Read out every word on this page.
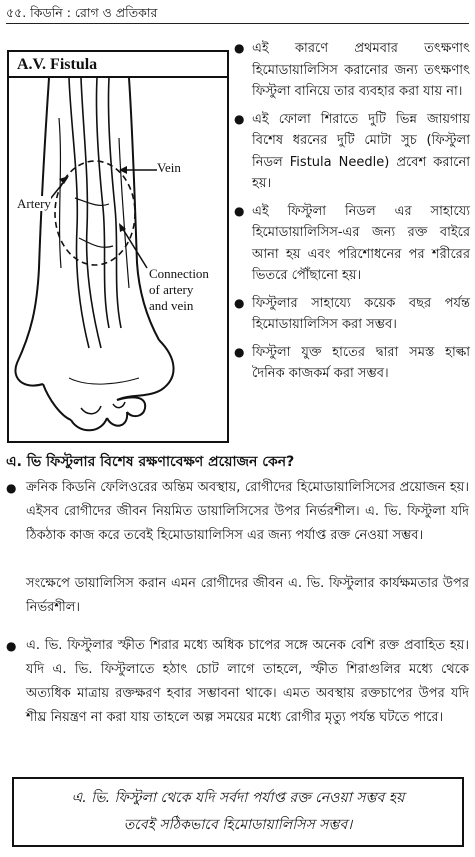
৫৫. কিডনি : রোগ ও প্রতিকার
A.V. Fistula
Vein
Artery
Connection
of artery
and vein
● এই কারণে প্রথমবার তৎক্ষণাৎ হিমোডায়ালিসিস করানোর জন্য তৎক্ষণাৎ ফিস্টুলা বানিয়ে তার ব্যবহার করা যায় না।
● এই ফোলা শিরাতে দুটি ভিন্ন জায়গায় বিশেষ ধরনের দুটি মোটা সুচ (ফিস্টুলা নিডল Fistula Needle) প্রবেশ করানো হয়।
● এই ফিস্টুলা নিডল এর সাহায্যে হিমোডায়ালিসিস-এর জন্য রক্ত বাইরে আনা হয় এবং পরিশোধনের পর শরীরের ভিতরে পৌঁছানো হয়।
● ফিস্টুলার সাহায্যে কয়েক বছর পর্যন্ত হিমোডায়ালিসিস করা সম্ভব।
● ফিস্টুলা যুক্ত হাতের দ্বারা সমস্ত হাল্কা দৈনিক কাজকর্ম করা সম্ভব।
এ. ভি ফিস্টুলার বিশেষ রক্ষণাবেক্ষণ প্রয়োজন কেন?
● ক্রনিক কিডনি ফেলিওরের অন্তিম অবস্থায়, রোগীদের হিমোডায়ালিসিসের প্রয়োজন হয়। এইসব রোগীদের জীবন নিয়মিত ডায়ালিসিসের উপর নির্ভরশীল। এ. ভি. ফিস্টুলা যদি ঠিকঠাক কাজ করে তবেই হিমোডায়ালিসিস এর জন্য পর্যাপ্ত রক্ত নেওয়া সম্ভব।
সংক্ষেপে ডায়ালিসিস করান এমন রোগীদের জীবন এ. ভি. ফিস্টুলার কার্যক্ষমতার উপর নির্ভরশীল।
● এ. ভি. ফিস্টুলার স্ফীত শিরার মধ্যে অধিক চাপের সঙ্গে অনেক বেশি রক্ত প্রবাহিত হয়। যদি এ. ভি. ফিস্টুলাতে হঠাৎ চোট লাগে তাহলে, স্ফীত শিরাগুলির মধ্যে থেকে অত্যধিক মাত্রায় রক্তক্ষরণ হবার সম্ভাবনা থাকে। এমত অবস্থায় রক্তচাপের উপর যদি শীঘ্র নিয়ন্ত্রণ না করা যায় তাহলে অল্প সময়ের মধ্যে রোগীর মৃত্যু পর্যন্ত ঘটতে পারে।
এ. ভি. ফিস্টুলা থেকে যদি সর্বদা পর্যাপ্ত রক্ত নেওয়া সম্ভব হয়
তবেই সঠিকভাবে হিমোডায়ালিসিস সম্ভব।
